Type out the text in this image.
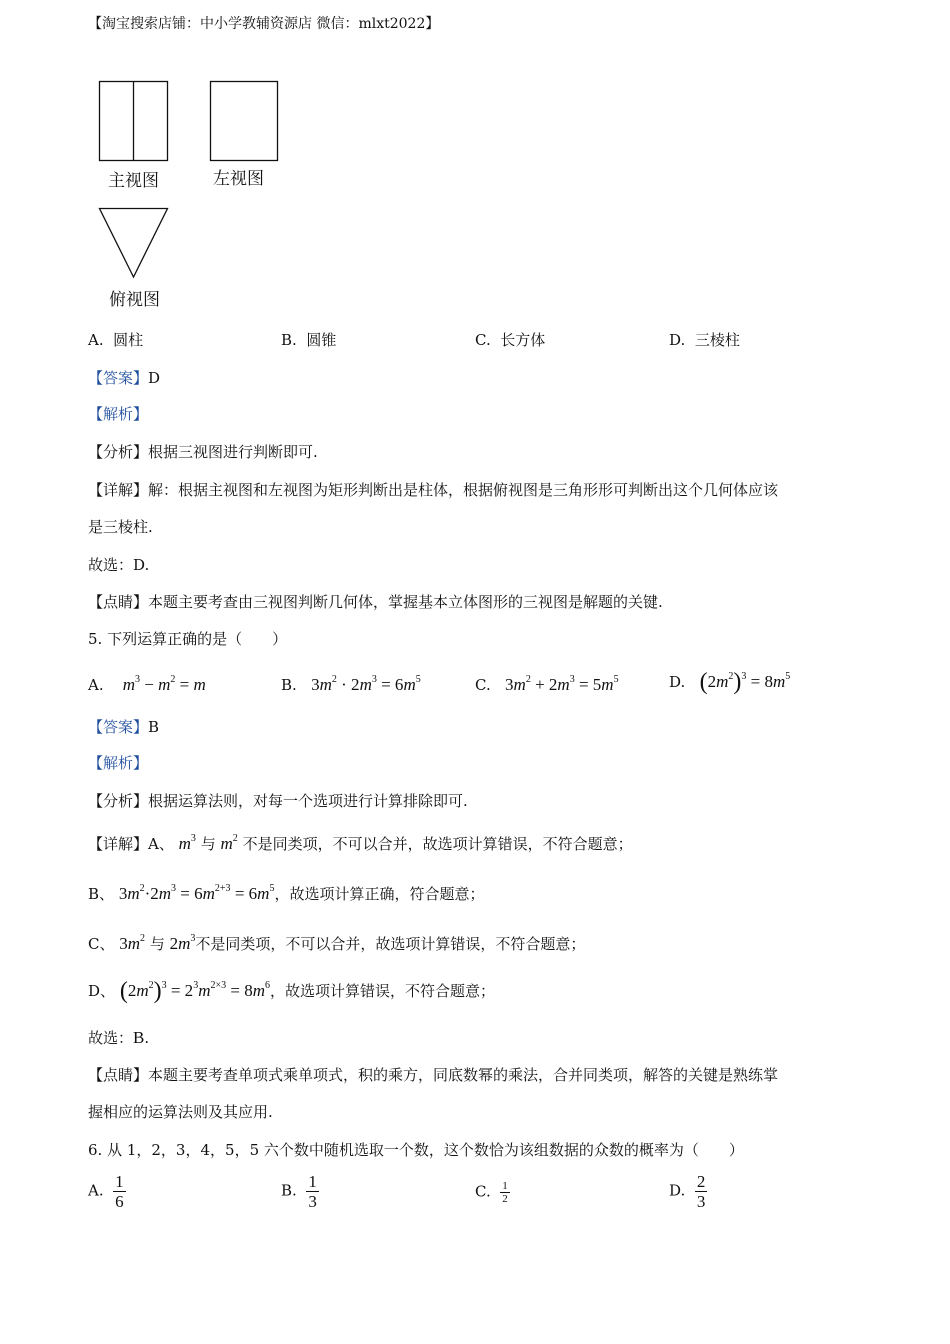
【淘宝搜索店铺：中小学教辅资源店 微信：mlxt2022】
主视图	左视图
俯视图
A. 圆柱	B. 圆锥	C. 长方体	D. 三棱柱
【答案】D
【解析】
【分析】根据三视图进行判断即可.
【详解】解：根据主视图和左视图为矩形判断出是柱体，根据俯视图是三角形形可判断出这个几何体应该
是三棱柱.
故选：D.
【点睛】本题主要考查由三视图判断几何体，掌握基本立体图形的三视图是解题的关键.
5. 下列运算正确的是（　　）
A. $m^3 - m^2 = m$	B. $3m^2 \cdot 2m^3 = 6m^5$	C. $3m^2 + 2m^3 = 5m^5$	D. $(2m^2)^3 = 8m^5$
【答案】B
【解析】
【分析】根据运算法则，对每一个选项进行计算排除即可.
【详解】A、 $m^3$ 与 $m^2$ 不是同类项，不可以合并，故选项计算错误，不符合题意；
B、 $3m^2\cdot 2m^3 = 6m^{2+3} = 6m^5$，故选项计算正确，符合题意；
C、 $3m^2$ 与 $2m^3$不是同类项，不可以合并，故选项计算错误，不符合题意；
D、 $(2m^2)^3 = 2^3m^{2\times 3} = 8m^6$，故选项计算错误，不符合题意；
故选：B.
【点睛】本题主要考查单项式乘单项式，积的乘方，同底数幂的乘法，合并同类项，解答的关键是熟练掌
握相应的运算法则及其应用.
6. 从 1，2，3，4，5，5 六个数中随机选取一个数，这个数恰为该组数据的众数的概率为（　　）
A. $\frac{1}{6}$	B. $\frac{1}{3}$	C. $\frac{1}{2}$	D. $\frac{2}{3}$
